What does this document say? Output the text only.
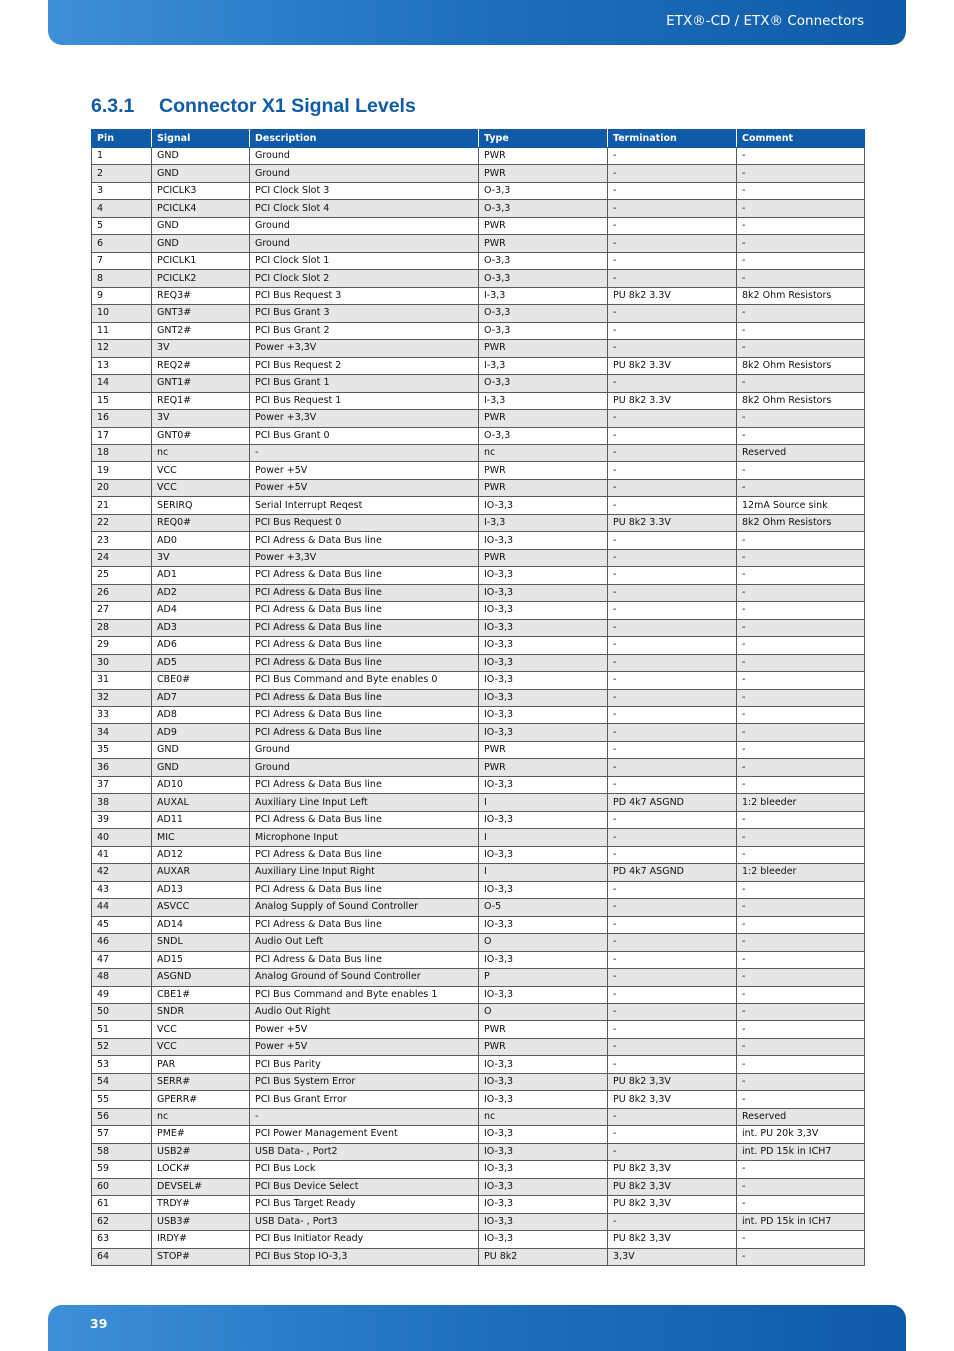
ETX®-CD / ETX® Connectors
6.3.1 Connector X1 Signal Levels
Pin	Signal	Description	Type	Termination	Comment
1	GND	Ground	PWR	-	-
2	GND	Ground	PWR	-	-
3	PCICLK3	PCI Clock Slot 3	O-3,3	-	-
4	PCICLK4	PCI Clock Slot 4	O-3,3	-	-
5	GND	Ground	PWR	-	-
6	GND	Ground	PWR	-	-
7	PCICLK1	PCI Clock Slot 1	O-3,3	-	-
8	PCICLK2	PCI Clock Slot 2	O-3,3	-	-
9	REQ3#	PCI Bus Request 3	I-3,3	PU 8k2 3.3V	8k2 Ohm Resistors
10	GNT3#	PCI Bus Grant 3	O-3,3	-	-
11	GNT2#	PCI Bus Grant 2	O-3,3	-	-
12	3V	Power +3,3V	PWR	-	-
13	REQ2#	PCI Bus Request 2	I-3,3	PU 8k2 3.3V	8k2 Ohm Resistors
14	GNT1#	PCI Bus Grant 1	O-3,3	-	-
15	REQ1#	PCI Bus Request 1	I-3,3	PU 8k2 3.3V	8k2 Ohm Resistors
16	3V	Power +3,3V	PWR	-	-
17	GNT0#	PCI Bus Grant 0	O-3,3	-	-
18	nc	-	nc	-	Reserved
19	VCC	Power +5V	PWR	-	-
20	VCC	Power +5V	PWR	-	-
21	SERIRQ	Serial Interrupt Reqest	IO-3,3	-	12mA Source sink
22	REQ0#	PCI Bus Request 0	I-3,3	PU 8k2 3.3V	8k2 Ohm Resistors
23	AD0	PCI Adress & Data Bus line	IO-3,3	-	-
24	3V	Power +3,3V	PWR	-	-
25	AD1	PCI Adress & Data Bus line	IO-3,3	-	-
26	AD2	PCI Adress & Data Bus line	IO-3,3	-	-
27	AD4	PCI Adress & Data Bus line	IO-3,3	-	-
28	AD3	PCI Adress & Data Bus line	IO-3,3	-	-
29	AD6	PCI Adress & Data Bus line	IO-3,3	-	-
30	AD5	PCI Adress & Data Bus line	IO-3,3	-	-
31	CBE0#	PCI Bus Command and Byte enables 0	IO-3,3	-	-
32	AD7	PCI Adress & Data Bus line	IO-3,3	-	-
33	AD8	PCI Adress & Data Bus line	IO-3,3	-	-
34	AD9	PCI Adress & Data Bus line	IO-3,3	-	-
35	GND	Ground	PWR	-	-
36	GND	Ground	PWR	-	-
37	AD10	PCI Adress & Data Bus line	IO-3,3	-	-
38	AUXAL	Auxiliary Line Input Left	I	PD 4k7 ASGND	1:2 bleeder
39	AD11	PCI Adress & Data Bus line	IO-3,3	-	-
40	MIC	Microphone Input	I	-	-
41	AD12	PCI Adress & Data Bus line	IO-3,3	-	-
42	AUXAR	Auxiliary Line Input Right	I	PD 4k7 ASGND	1:2 bleeder
43	AD13	PCI Adress & Data Bus line	IO-3,3	-	-
44	ASVCC	Analog Supply of Sound Controller	O-5	-	-
45	AD14	PCI Adress & Data Bus line	IO-3,3	-	-
46	SNDL	Audio Out Left	O	-	-
47	AD15	PCI Adress & Data Bus line	IO-3,3	-	-
48	ASGND	Analog Ground of Sound Controller	P	-	-
49	CBE1#	PCI Bus Command and Byte enables 1	IO-3,3	-	-
50	SNDR	Audio Out Right	O	-	-
51	VCC	Power +5V	PWR	-	-
52	VCC	Power +5V	PWR	-	-
53	PAR	PCI Bus Parity	IO-3,3	-	-
54	SERR#	PCI Bus System Error	IO-3,3	PU 8k2 3,3V	-
55	GPERR#	PCI Bus Grant Error	IO-3,3	PU 8k2 3,3V	-
56	nc	-	nc	-	Reserved
57	PME#	PCI Power Management Event	IO-3,3	-	int. PU 20k 3,3V
58	USB2#	USB Data- , Port2	IO-3,3	-	int. PD 15k in ICH7
59	LOCK#	PCI Bus Lock	IO-3,3	PU 8k2 3,3V	-
60	DEVSEL#	PCI Bus Device Select	IO-3,3	PU 8k2 3,3V	-
61	TRDY#	PCI Bus Target Ready	IO-3,3	PU 8k2 3,3V	-
62	USB3#	USB Data- , Port3	IO-3,3	-	int. PD 15k in ICH7
63	IRDY#	PCI Bus Initiator Ready	IO-3,3	PU 8k2 3,3V	-
64	STOP#	PCI Bus Stop IO-3,3	PU 8k2	3,3V	-
39
